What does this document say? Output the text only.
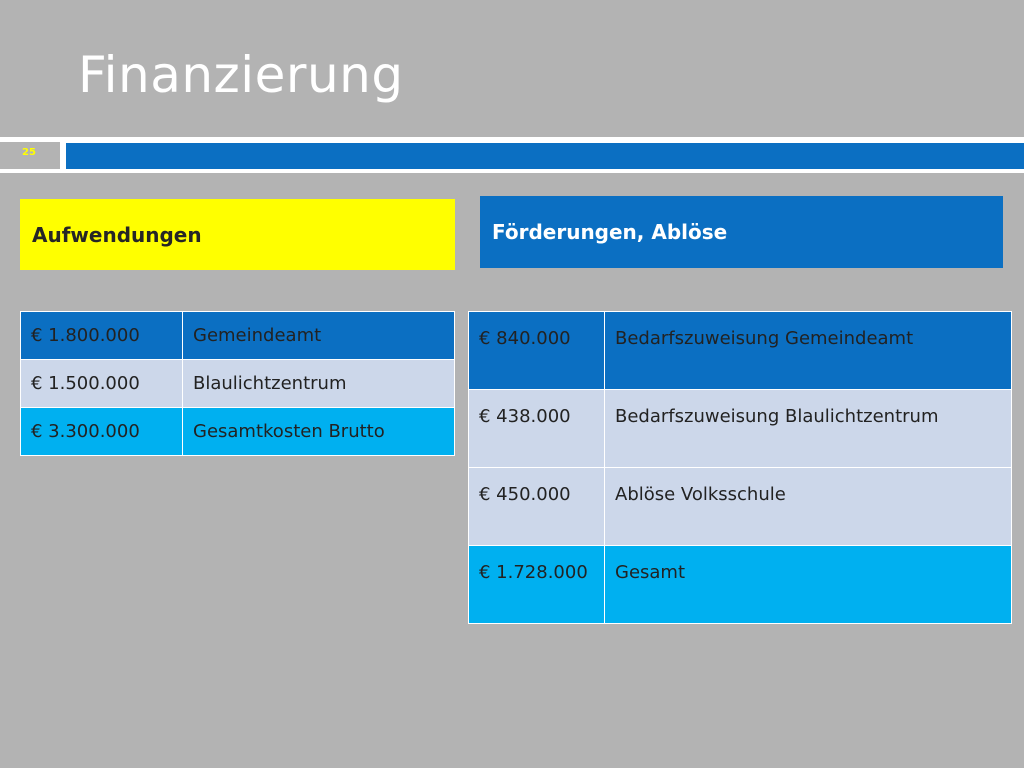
Finanzierung
25
Aufwendungen	Förderungen, Ablöse
€ 1.800.000	Gemeindeamt
€ 1.500.000	Blaulichtzentrum
€ 3.300.000	Gesamtkosten Brutto
€ 840.000	Bedarfszuweisung Gemeindeamt
€ 438.000	Bedarfszuweisung Blaulichtzentrum
€ 450.000	Ablöse Volksschule
€ 1.728.000	Gesamt
